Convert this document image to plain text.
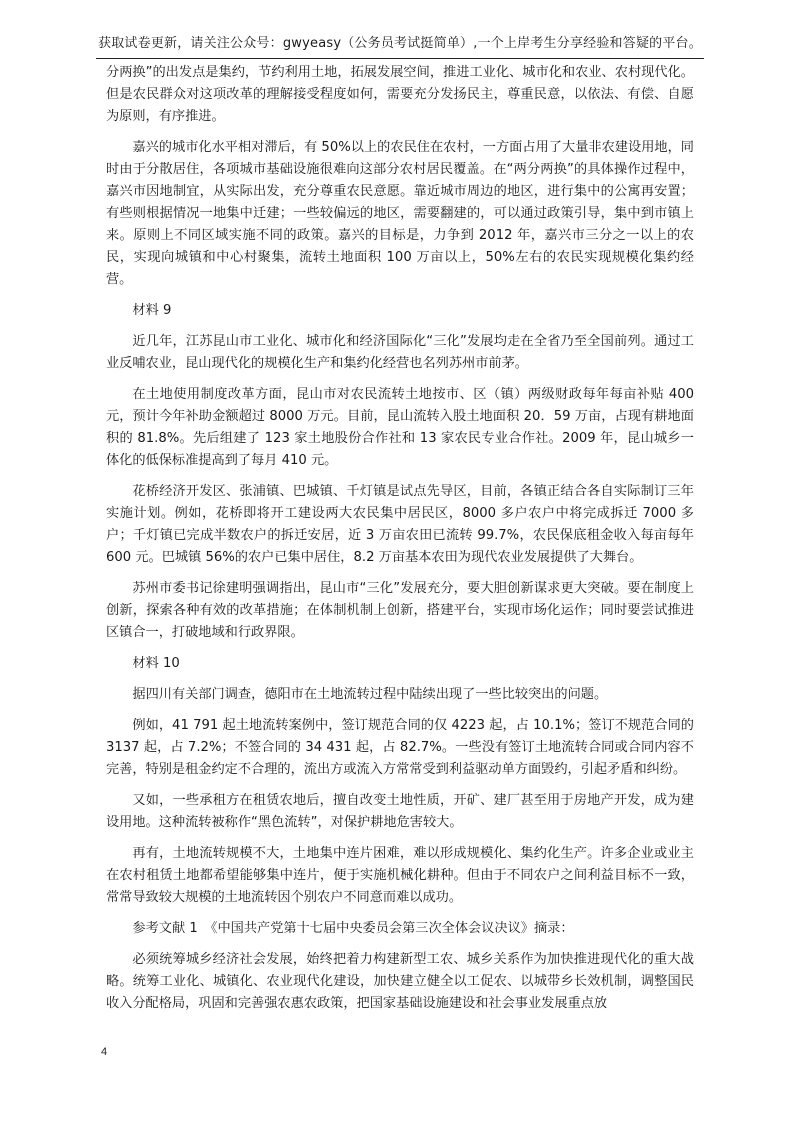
获取试卷更新，请关注公众号：gwyeasy（公务员考试挺简单）,一个上岸考生分享经验和答疑的平台。

分两换”的出发点是集约，节约利用土地，拓展发展空间，推进工业化、城市化和农业、农村现代化。但是农民群众对这项改革的理解接受程度如何，需要充分发扬民主，尊重民意，以依法、有偿、自愿为原则，有序推进。

嘉兴的城市化水平相对滞后，有 50%以上的农民住在农村，一方面占用了大量非农建设用地，同时由于分散居住，各项城市基础设施很难向这部分农村居民覆盖。在“两分两换”的具体操作过程中，嘉兴市因地制宜，从实际出发，充分尊重农民意愿。靠近城市周边的地区，进行集中的公寓再安置；有些则根据情况一地集中迁建；一些较偏远的地区，需要翻建的，可以通过政策引导，集中到市镇上来。原则上不同区域实施不同的政策。嘉兴的目标是，力争到 2012 年，嘉兴市三分之一以上的农民，实现向城镇和中心村聚集，流转土地面积 100 万亩以上，50%左右的农民实现规模化集约经营。

材料 9

近几年，江苏昆山市工业化、城市化和经济国际化“三化”发展均走在全省乃至全国前列。通过工业反哺农业，昆山现代化的规模化生产和集约化经营也名列苏州市前茅。

在土地使用制度改革方面，昆山市对农民流转土地按市、区（镇）两级财政每年每亩补贴 400 元，预计今年补助金额超过 8000 万元。目前，昆山流转入股土地面积 20．59 万亩，占现有耕地面积的 81.8%。先后组建了 123 家土地股份合作社和 13 家农民专业合作社。2009 年，昆山城乡一体化的低保标准提高到了每月 410 元。

花桥经济开发区、张浦镇、巴城镇、千灯镇是试点先导区，目前，各镇正结合各自实际制订三年实施计划。例如，花桥即将开工建设两大农民集中居民区，8000 多户农户中将完成拆迁 7000 多户；千灯镇已完成半数农户的拆迁安居，近 3 万亩农田已流转 99.7%，农民保底租金收入每亩每年 600 元。巴城镇 56%的农户已集中居住，8.2 万亩基本农田为现代农业发展提供了大舞台。

苏州市委书记徐建明强调指出，昆山市“三化”发展充分，要大胆创新谋求更大突破。要在制度上创新，探索各种有效的改革措施；在体制机制上创新，搭建平台，实现市场化运作；同时要尝试推进区镇合一，打破地域和行政界限。

材料 10

据四川有关部门调查，德阳市在土地流转过程中陆续出现了一些比较突出的问题。

例如，41 791 起土地流转案例中，签订规范合同的仅 4223 起，占 10.1%；签订不规范合同的 3137 起，占 7.2%；不签合同的 34 431 起，占 82.7%。一些没有签订土地流转合同或合同内容不完善，特别是租金约定不合理的，流出方或流入方常常受到利益驱动单方面毁约，引起矛盾和纠纷。

又如，一些承租方在租赁农地后，擅自改变土地性质，开矿、建厂甚至用于房地产开发，成为建设用地。这种流转被称作“黑色流转”，对保护耕地危害较大。

再有，土地流转规模不大，土地集中连片困难，难以形成规模化、集约化生产。许多企业或业主在农村租赁土地都希望能够集中连片，便于实施机械化耕种。但由于不同农户之间利益目标不一致，常常导致较大规模的土地流转因个别农户不同意而难以成功。

参考文献 1　《中国共产党第十七届中央委员会第三次全体会议决议》摘录：

必须统筹城乡经济社会发展，始终把着力构建新型工农、城乡关系作为加快推进现代化的重大战略。统筹工业化、城镇化、农业现代化建设，加快建立健全以工促农、以城带乡长效机制，调整国民收入分配格局，巩固和完善强农惠农政策，把国家基础设施建设和社会事业发展重点放

4
